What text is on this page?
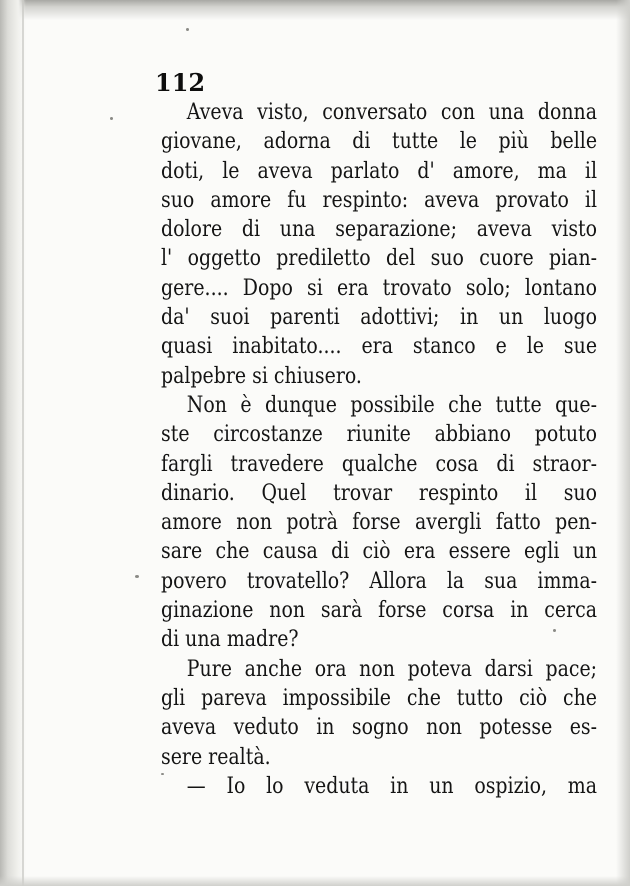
112
Aveva visto, conversato con una donna
giovane, adorna di tutte le più belle
doti, le aveva parlato d' amore, ma il
suo amore fu respinto: aveva provato il
dolore di una separazione; aveva visto
l' oggetto prediletto del suo cuore pian-
gere.... Dopo si era trovato solo; lontano
da' suoi parenti adottivi; in un luogo
quasi inabitato.... era stanco e le sue
palpebre si chiusero.
Non è dunque possibile che tutte que-
ste circostanze riunite abbiano potuto
fargli travedere qualche cosa di straor-
dinario. Quel trovar respinto il suo
amore non potrà forse avergli fatto pen-
sare che causa di ciò era essere egli un
povero trovatello? Allora la sua imma-
ginazione non sarà forse corsa in cerca
di una madre?
Pure anche ora non poteva darsi pace;
gli pareva impossibile che tutto ciò che
aveva veduto in sogno non potesse es-
sere realtà.
— Io lo veduta in un ospizio, ma
